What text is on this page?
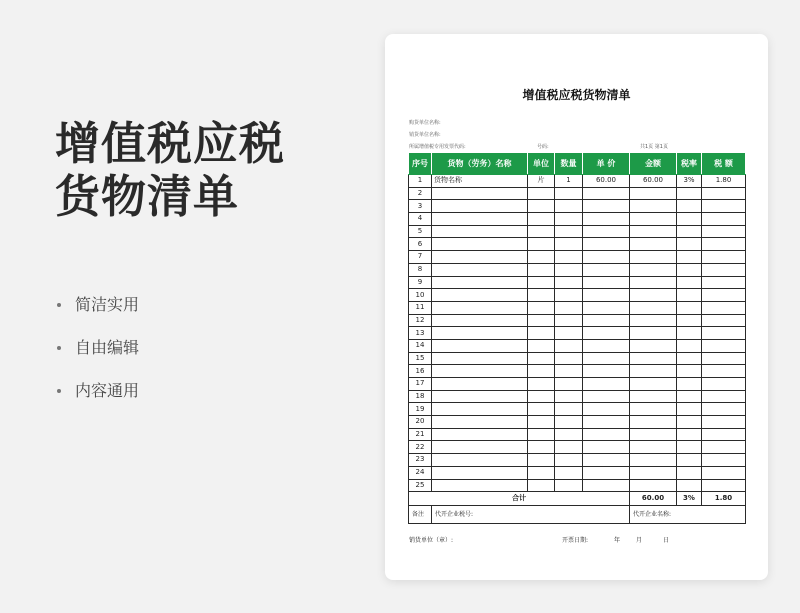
增值税应税货物清单
简洁实用
自由编辑
内容通用
增值税应税货物清单
购货单位名称:
销货单位名称:
所属增值税专用发票代码:	号码:	共1页 第1页
序号	货物（劳务）名称	单位	数量	单 价	金额	税率	税 额
1	货物名称	片	1	60.00	60.00	3%	1.80
2							
3							
4							
5							
6							
7							
8							
9							
10							
11							
12							
13							
14							
15							
16							
17							
18							
19							
20							
21							
22							
23							
24							
25							
合计					60.00	3%	1.80
备注	代开企业税号:				代开企业名称:		
销货单位（章）:	开票日期:	年	月	日
